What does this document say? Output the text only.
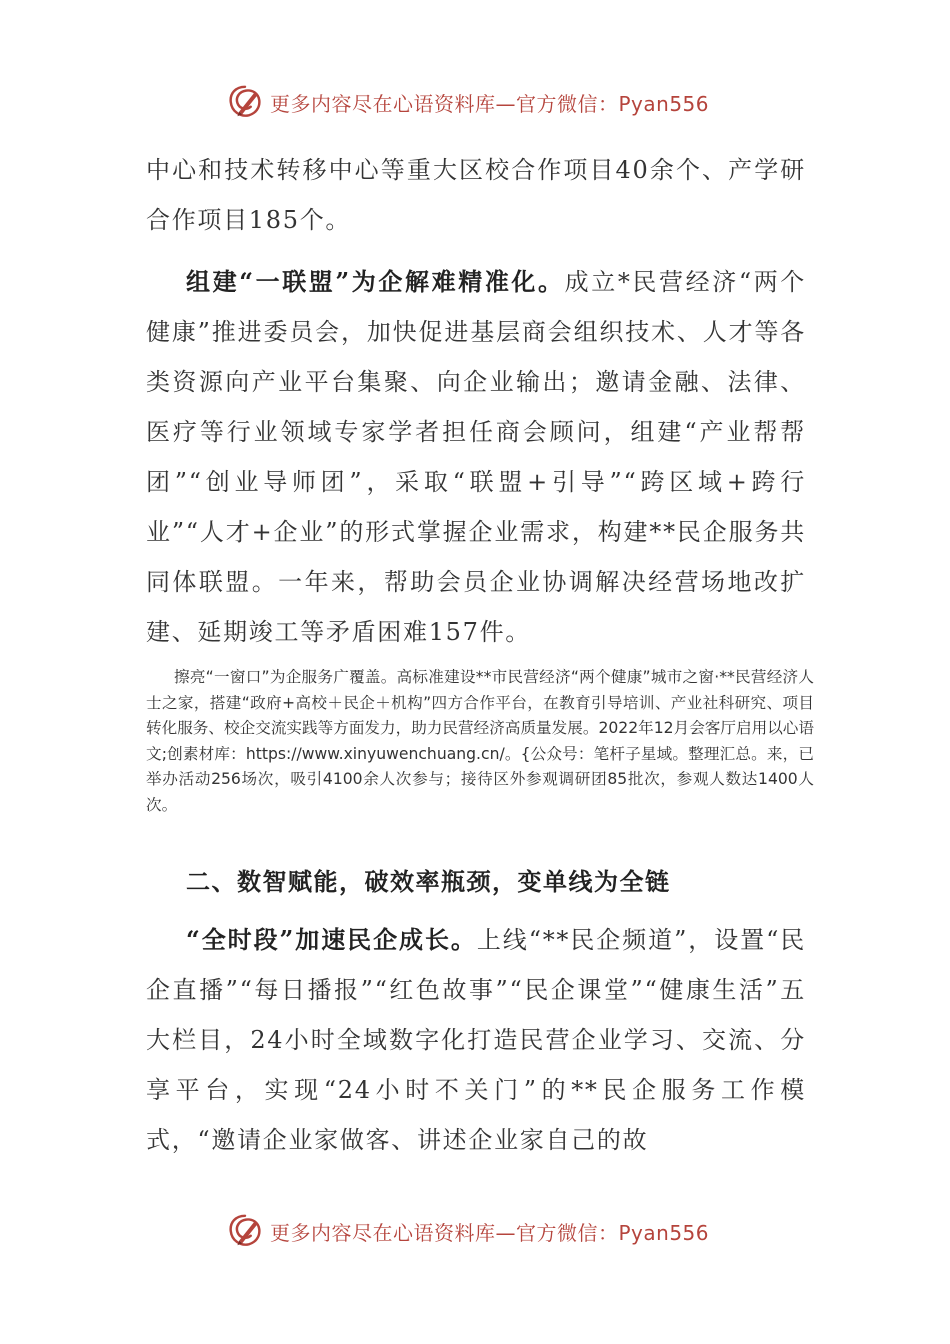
更多内容尽在心语资料库—官方微信：Pyan556

中心和技术转移中心等重大区校合作项目40余个、产学研合作项目185个。

组建“一联盟”为企解难精准化。成立*民营经济“两个健康”推进委员会，加快促进基层商会组织技术、人才等各类资源向产业平台集聚、向企业输出；邀请金融、法律、医疗等行业领域专家学者担任商会顾问，组建“产业帮帮团”“创业导师团”，采取“联盟+引导”“跨区域+跨行业”“人才+企业”的形式掌握企业需求，构建**民企服务共同体联盟。一年来，帮助会员企业协调解决经营场地改扩建、延期竣工等矛盾困难157件。

擦亮“一窗口”为企服务广覆盖。高标准建设**市民营经济“两个健康”城市之窗·**民营经济人士之家，搭建“政府+高校＋民企＋机构”四方合作平台，在教育引导培训、产业社科研究、项目转化服务、校企交流实践等方面发力，助力民营经济高质量发展。2022年12月会客厅启用以心语文;创素材库：https://www.xinyuwenchuang.cn/。{公众号：笔杆子星域。整理汇总。来，已举办活动256场次，吸引4100余人次参与；接待区外参观调研团85批次，参观人数达1400人次。

二、数智赋能，破效率瓶颈，变单线为全链

“全时段”加速民企成长。上线“**民企频道”，设置“民企直播”“每日播报”“红色故事”“民企课堂”“健康生活”五大栏目，24小时全域数字化打造民营企业学习、交流、分享平台，实现“24小时不关门”的**民企服务工作模式，“邀请企业家做客、讲述企业家自己的故

更多内容尽在心语资料库—官方微信：Pyan556
